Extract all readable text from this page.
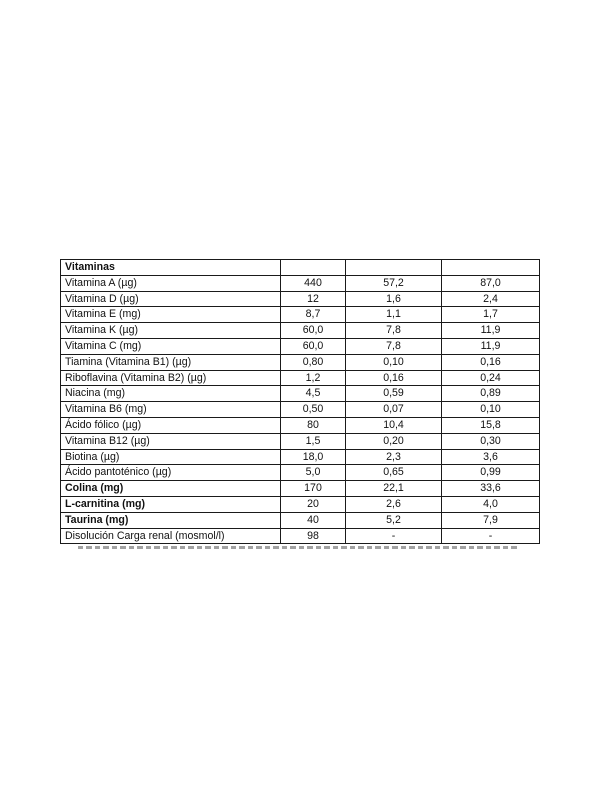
Vitaminas			
Vitamina A (µg)	440	57,2	87,0
Vitamina D (µg)	12	1,6	2,4
Vitamina E (mg)	8,7	1,1	1,7
Vitamina K (µg)	60,0	7,8	11,9
Vitamina C (mg)	60,0	7,8	11,9
Tiamina (Vitamina B1) (µg)	0,80	0,10	0,16
Riboflavina (Vitamina B2) (µg)	1,2	0,16	0,24
Niacina (mg)	4,5	0,59	0,89
Vitamina B6 (mg)	0,50	0,07	0,10
Ácido fólico (µg)	80	10,4	15,8
Vitamina B12 (µg)	1,5	0,20	0,30
Biotina (µg)	18,0	2,3	3,6
Ácido pantoténico (µg)	5,0	0,65	0,99
Colina (mg)	170	22,1	33,6
L-carnitina (mg)	20	2,6	4,0
Taurina (mg)	40	5,2	7,9
Disolución Carga renal (mosmol/l)	98	-	-
